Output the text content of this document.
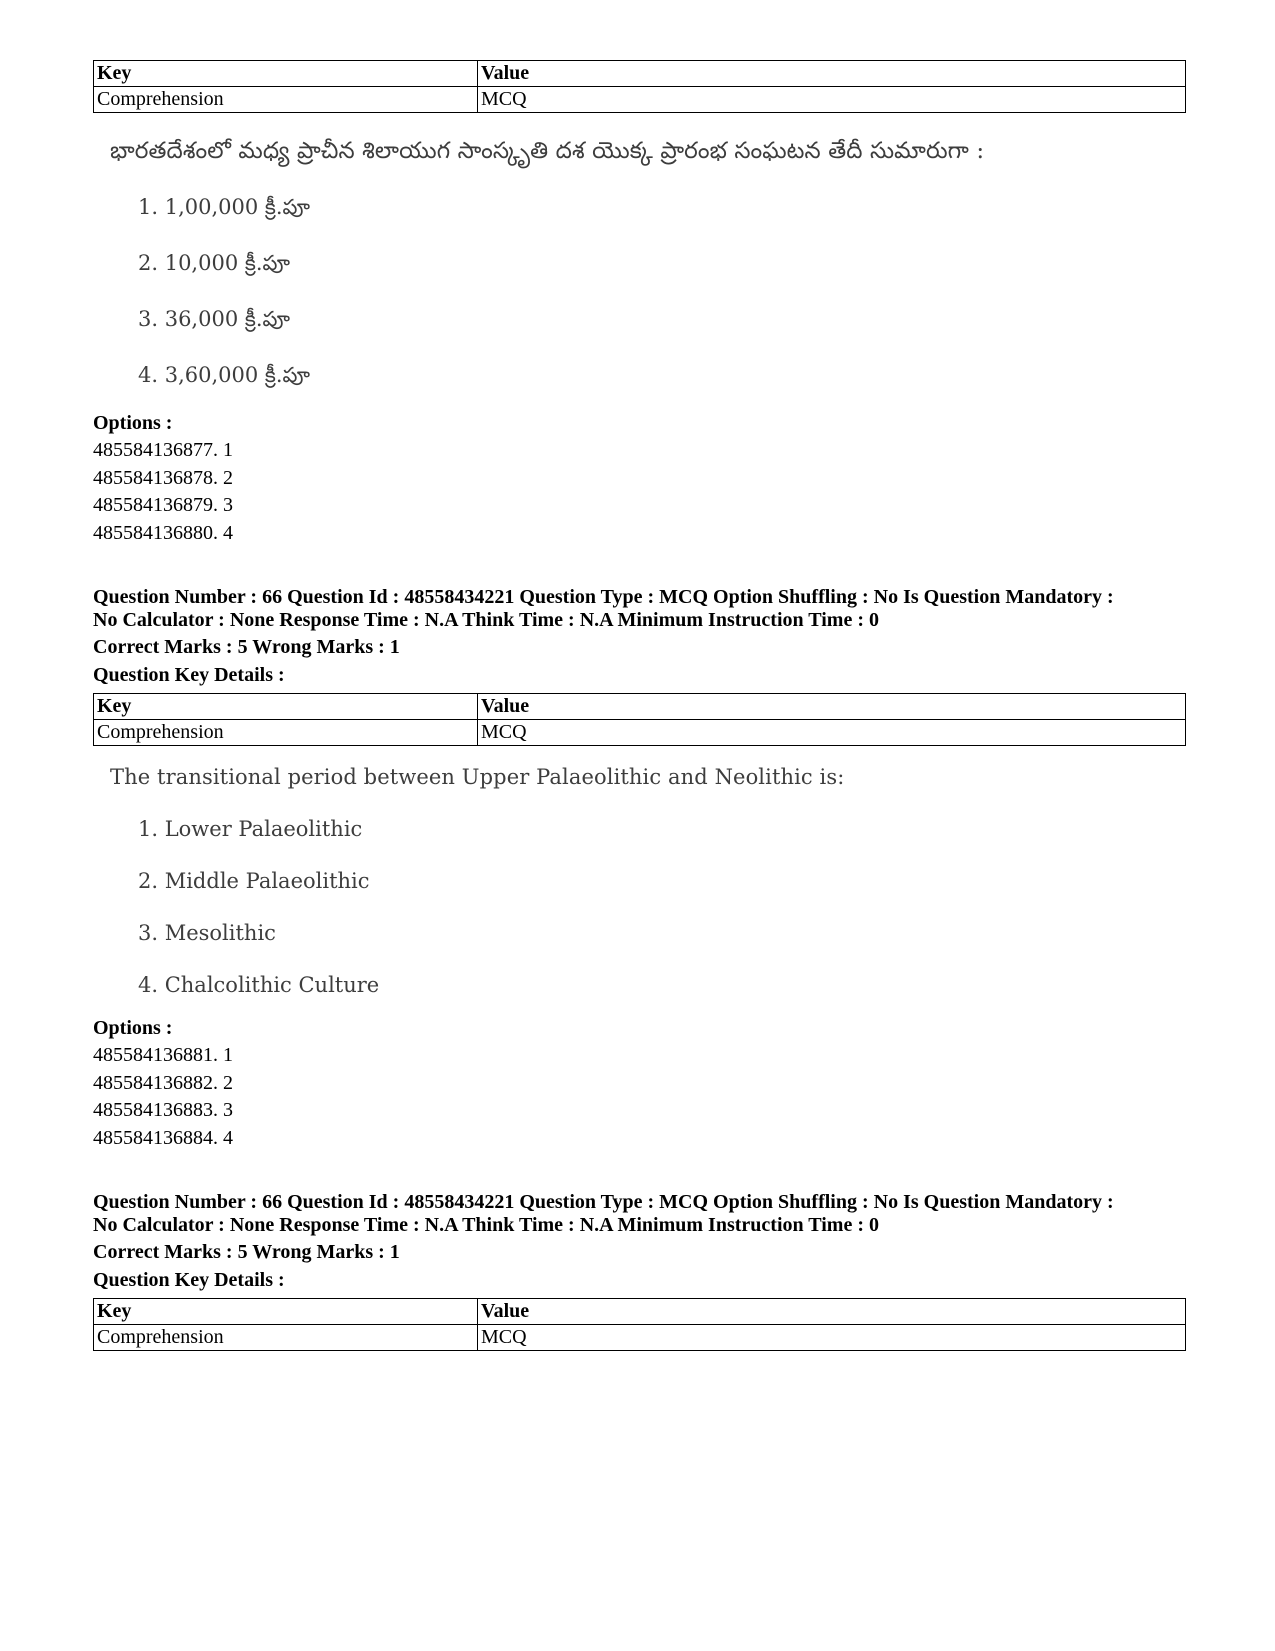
Key	Value
Comprehension	MCQ
భారతదేశంలో మధ్య ప్రాచీన శిలాయుగ సాంస్కృతి దశ యొక్క ప్రారంభ సంఘటన తేదీ సుమారుగా :
1. 1,00,000 క్రీ.పూ
2. 10,000 క్రీ.పూ
3. 36,000 క్రీ.పూ
4. 3,60,000 క్రీ.పూ
Options :
485584136877. 1
485584136878. 2
485584136879. 3
485584136880. 4
Question Number : 66 Question Id : 48558434221 Question Type : MCQ Option Shuffling : No Is Question Mandatory :
No Calculator : None Response Time : N.A Think Time : N.A Minimum Instruction Time : 0
Correct Marks : 5 Wrong Marks : 1
Question Key Details :
Key	Value
Comprehension	MCQ
The transitional period between Upper Palaeolithic and Neolithic is:
1. Lower Palaeolithic
2. Middle Palaeolithic
3. Mesolithic
4. Chalcolithic Culture
Options :
485584136881. 1
485584136882. 2
485584136883. 3
485584136884. 4
Question Number : 66 Question Id : 48558434221 Question Type : MCQ Option Shuffling : No Is Question Mandatory :
No Calculator : None Response Time : N.A Think Time : N.A Minimum Instruction Time : 0
Correct Marks : 5 Wrong Marks : 1
Question Key Details :
Key	Value
Comprehension	MCQ
